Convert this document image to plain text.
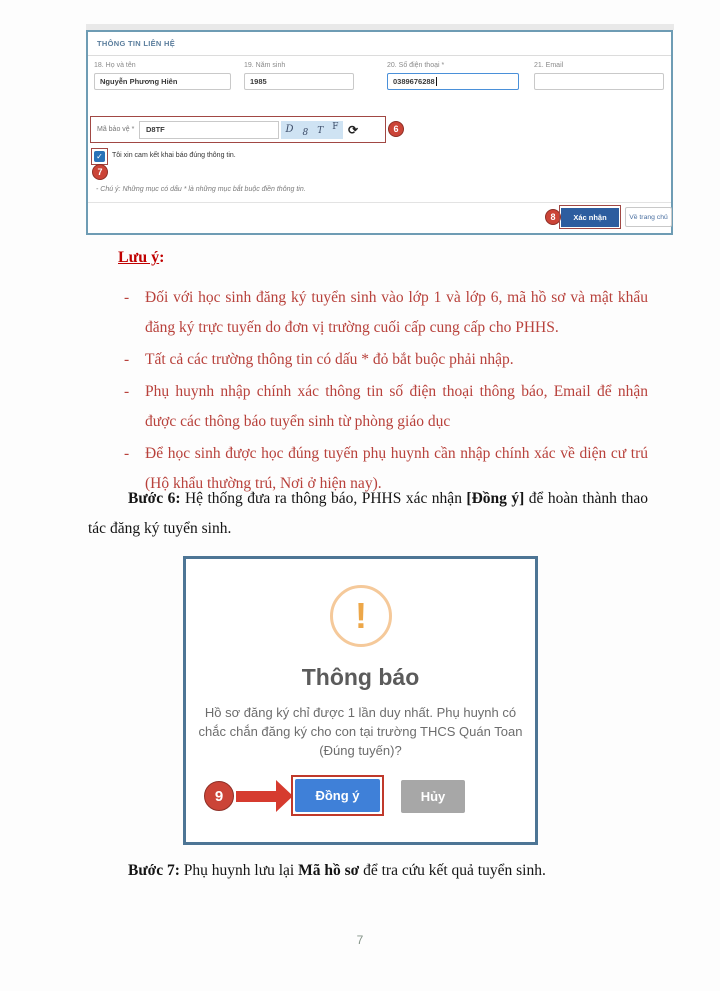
THÔNG TIN LIÊN HỆ
18. Họ và tên
Nguyễn Phương Hiên
19. Năm sinh
1985
20. Số điện thoại *
0389676288
21. Email
Mã bảo vệ *	D8TF	D 8 T F ⟳	6
✓	Tôi xin cam kết khai báo đúng thông tin.
7
- Chú ý: Những mục có dấu * là những mục bắt buộc điền thông tin.
8	Xác nhận	Về trang chủ
Lưu ý:
-	Đối với học sinh đăng ký tuyển sinh vào lớp 1 và lớp 6, mã hồ sơ và mật khẩu đăng ký trực tuyến do đơn vị trường cuối cấp cung cấp cho PHHS.
-	Tất cả các trường thông tin có dấu * đỏ bắt buộc phải nhập.
-	Phụ huynh nhập chính xác thông tin số điện thoại thông báo, Email để nhận được các thông báo tuyển sinh từ phòng giáo dục
-	Để học sinh được học đúng tuyến phụ huynh cần nhập chính xác về diện cư trú (Hộ khẩu thường trú, Nơi ở hiện nay).
Bước 6: Hệ thống đưa ra thông báo, PHHS xác nhận [Đồng ý] để hoàn thành thao tác đăng ký tuyển sinh.
!
Thông báo
Hồ sơ đăng ký chỉ được 1 lần duy nhất. Phụ huynh có chắc chắn đăng ký cho con tại trường THCS Quán Toan (Đúng tuyến)?
9	Đồng ý	Hủy
Bước 7: Phụ huynh lưu lại Mã hồ sơ để tra cứu kết quả tuyển sinh.
7
